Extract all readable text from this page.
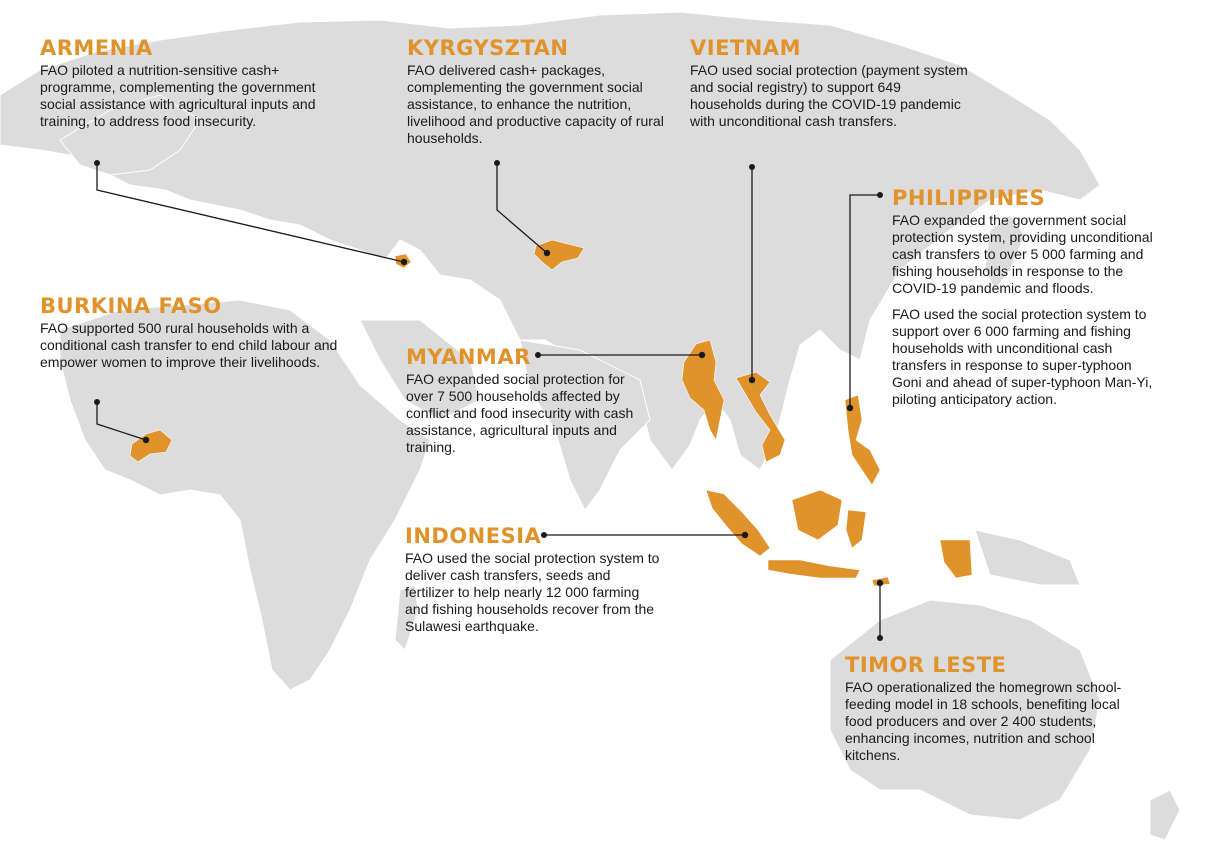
ARMENIA

FAO piloted a nutrition-sensitive cash+ programme, complementing the government social assistance with agricultural inputs and training, to address food insecurity.

KYRGYSZTAN

FAO delivered cash+ packages, complementing the government social assistance, to enhance the nutrition, livelihood and productive capacity of rural households.

VIETNAM

FAO used social protection (payment system and social registry) to support 649 households during the COVID-19 pandemic with unconditional cash transfers.

PHILIPPINES

FAO expanded the government social protection system, providing unconditional cash transfers to over 5 000 farming and fishing households in response to the COVID-19 pandemic and floods.

FAO used the social protection system to support over 6 000 farming and fishing households with unconditional cash transfers in response to super-typhoon Goni and ahead of super-typhoon Man-Yi, piloting anticipatory action.

BURKINA FASO

FAO supported 500 rural households with a conditional cash transfer to end child labour and empower women to improve their livelihoods.	MYANMAR

FAO expanded social protection for over 7 500 households affected by conflict and food insecurity with cash assistance, agricultural inputs and training.

INDONESIA

FAO used the social protection system to deliver cash transfers, seeds and fertilizer to help nearly 12 000 farming and fishing households recover from the Sulawesi earthquake.

TIMOR LESTE

FAO operationalized the homegrown school-feeding model in 18 schools, benefiting local food producers and over 2 400 students, enhancing incomes, nutrition and school kitchens.
